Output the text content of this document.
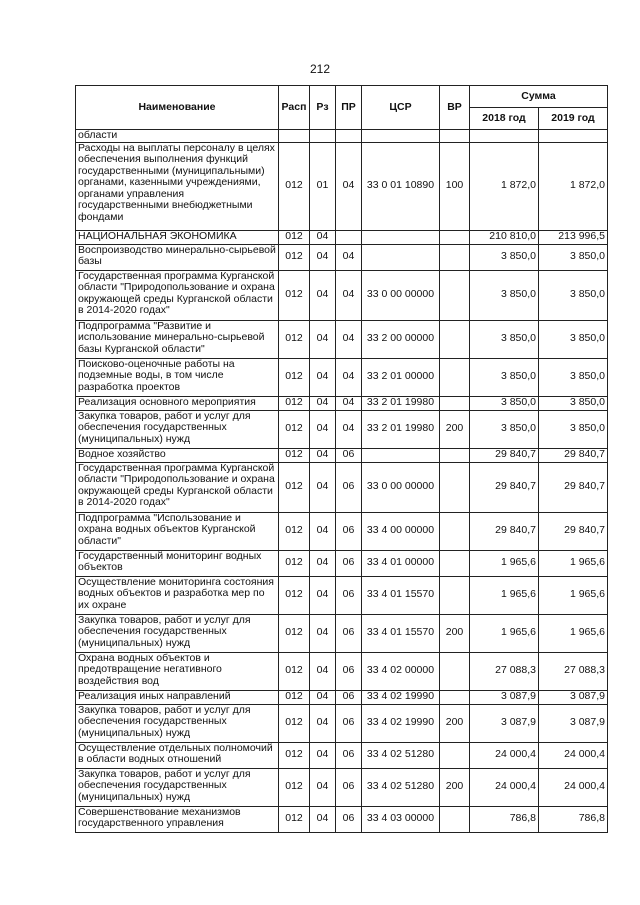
212
Наименование	Расп	Рз	ПР	ЦСР	ВР	Сумма	
						2018 год	2019 год
области							
Расходы на выплаты персоналу в целях обеспечения выполнения функций государственными (муниципальными) органами, казенными учреждениями, органами управления государственными внебюджетными фондами	012	01	04	33 0 01 10890	100	1 872,0	1 872,0
НАЦИОНАЛЬНАЯ ЭКОНОМИКА	012	04				210 810,0	213 996,5
Воспроизводство минерально-сырьевой базы	012	04	04			3 850,0	3 850,0
Государственная программа Курганской области "Природопользование и охрана окружающей среды Курганской области в 2014-2020 годах"	012	04	04	33 0 00 00000		3 850,0	3 850,0
Подпрограмма "Развитие и использование минерально-сырьевой базы Курганской области"	012	04	04	33 2 00 00000		3 850,0	3 850,0
Поисково-оценочные работы на подземные воды, в том числе разработка проектов	012	04	04	33 2 01 00000		3 850,0	3 850,0
Реализация основного мероприятия	012	04	04	33 2 01 19980		3 850,0	3 850,0
Закупка товаров, работ и услуг для обеспечения государственных (муниципальных) нужд	012	04	04	33 2 01 19980	200	3 850,0	3 850,0
Водное хозяйство	012	04	06			29 840,7	29 840,7
Государственная программа Курганской области "Природопользование и охрана окружающей среды Курганской области в 2014-2020 годах"	012	04	06	33 0 00 00000		29 840,7	29 840,7
Подпрограмма "Использование и охрана водных объектов Курганской области"	012	04	06	33 4 00 00000		29 840,7	29 840,7
Государственный мониторинг водных объектов	012	04	06	33 4 01 00000		1 965,6	1 965,6
Осуществление мониторинга состояния водных объектов и разработка мер по их охране	012	04	06	33 4 01 15570		1 965,6	1 965,6
Закупка товаров, работ и услуг для обеспечения государственных (муниципальных) нужд	012	04	06	33 4 01 15570	200	1 965,6	1 965,6
Охрана водных объектов и предотвращение негативного воздействия вод	012	04	06	33 4 02 00000		27 088,3	27 088,3
Реализация иных направлений	012	04	06	33 4 02 19990		3 087,9	3 087,9
Закупка товаров, работ и услуг для обеспечения государственных (муниципальных) нужд	012	04	06	33 4 02 19990	200	3 087,9	3 087,9
Осуществление отдельных полномочий в области водных отношений	012	04	06	33 4 02 51280		24 000,4	24 000,4
Закупка товаров, работ и услуг для обеспечения государственных (муниципальных) нужд	012	04	06	33 4 02 51280	200	24 000,4	24 000,4
Совершенствование механизмов государственного управления	012	04	06	33 4 03 00000		786,8	786,8
